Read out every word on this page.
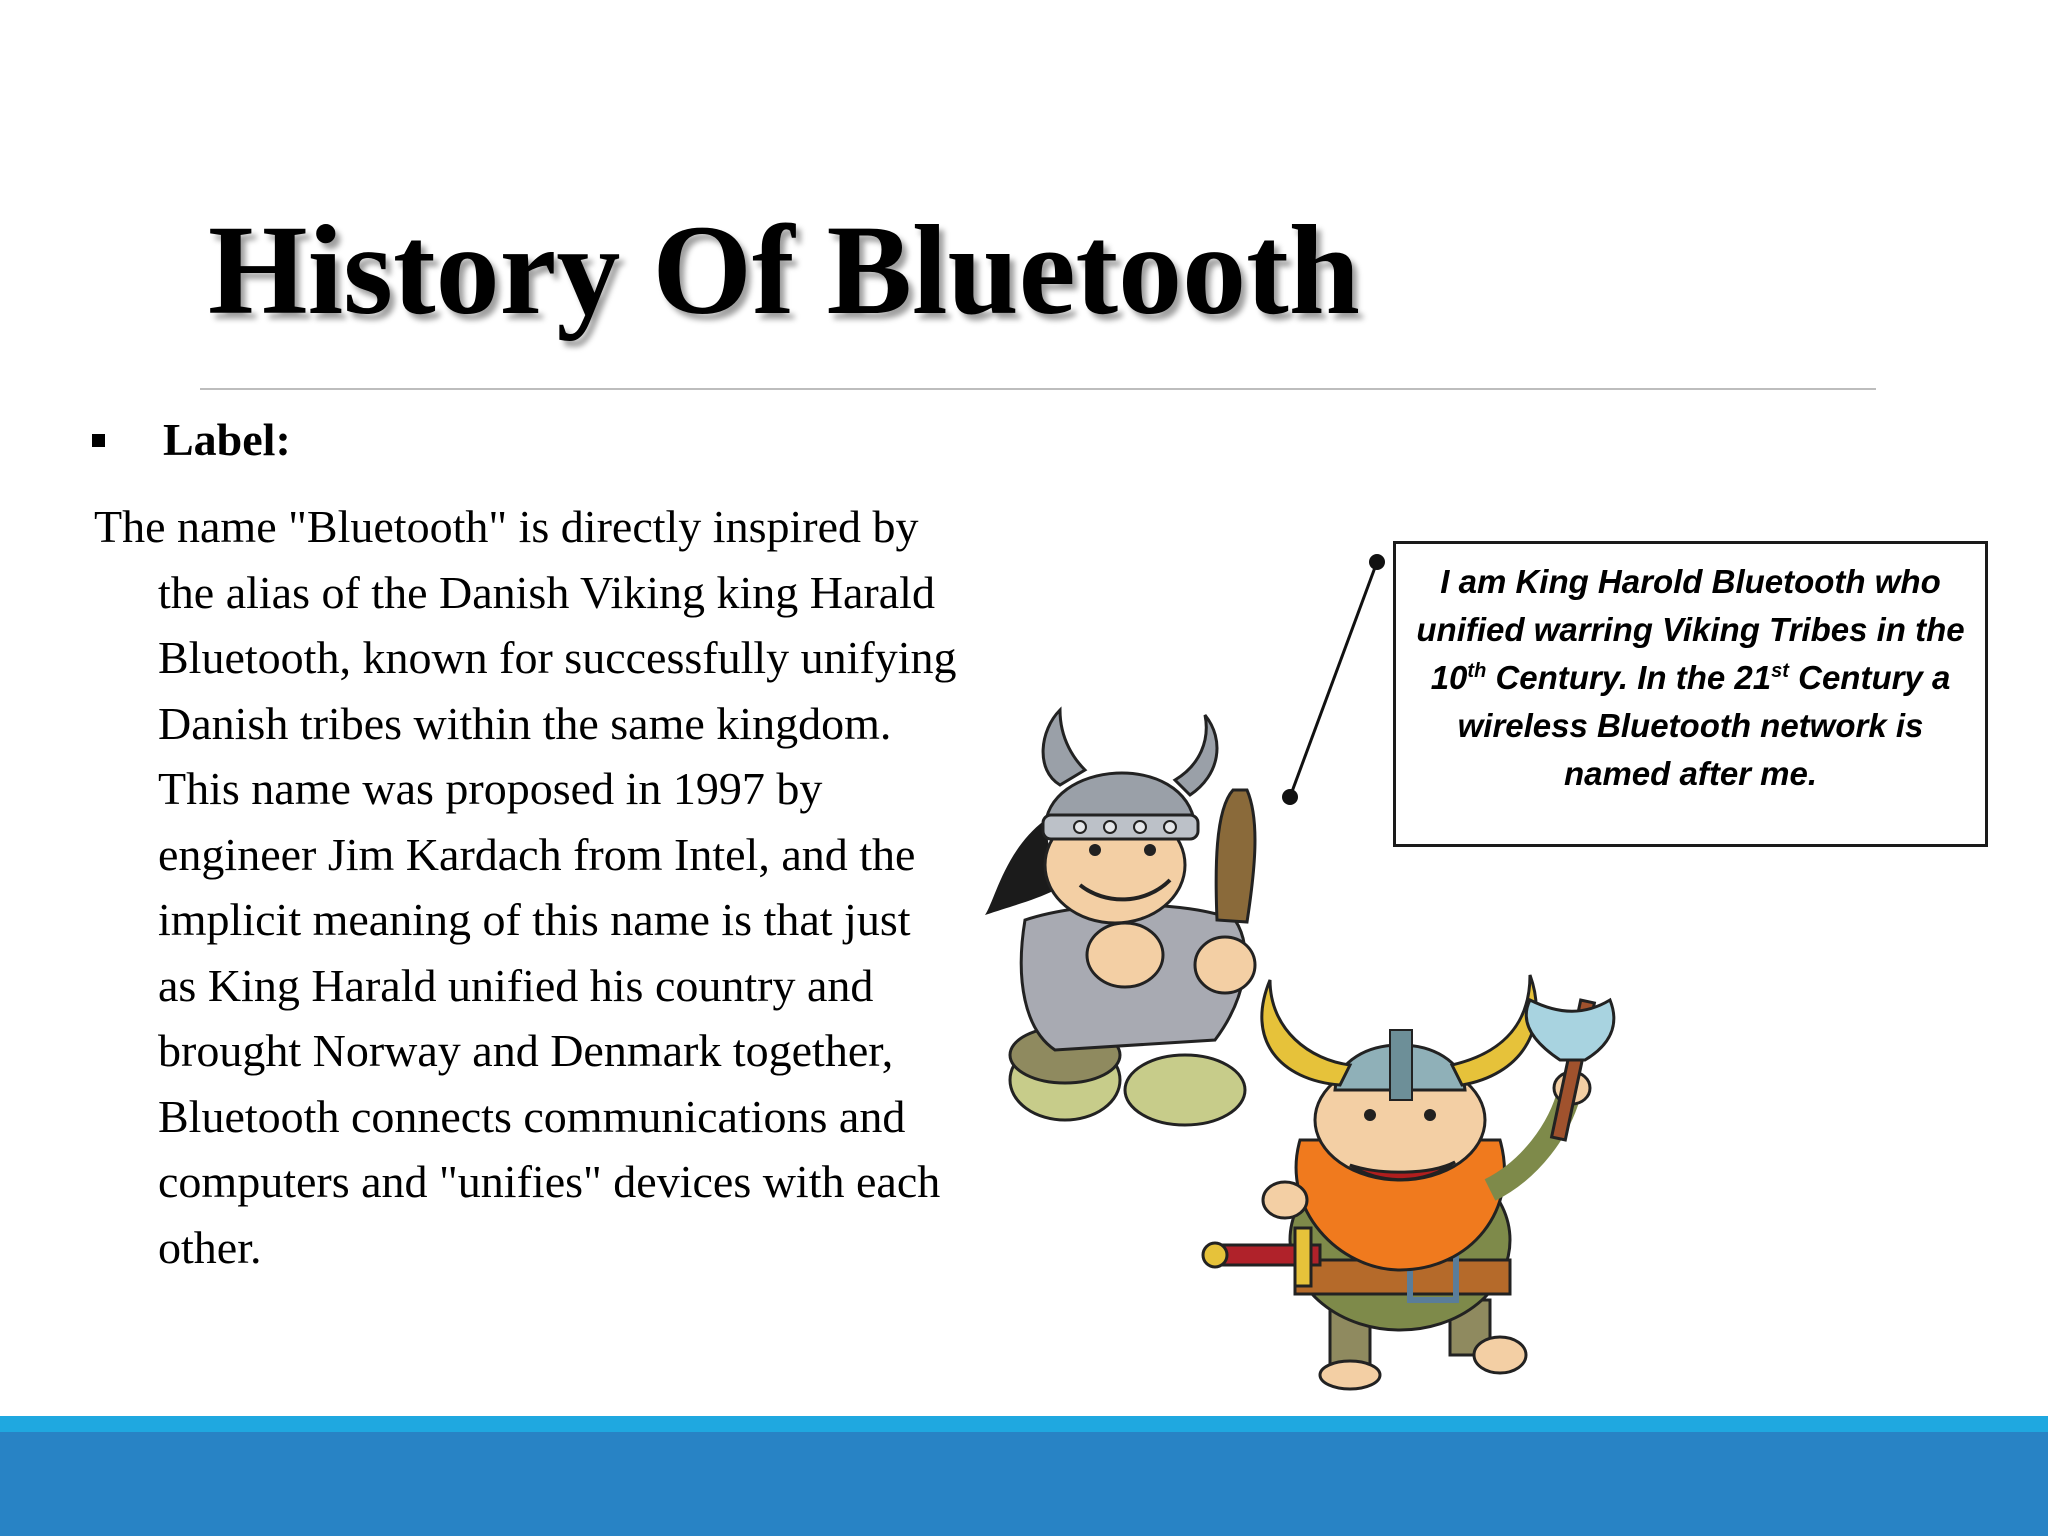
History Of Bluetooth
Label:

The name "Bluetooth" is directly inspired by the alias of the Danish Viking king Harald Bluetooth, known for successfully unifying Danish tribes within the same kingdom. This name was proposed in 1997 by engineer Jim Kardach from Intel, and the implicit meaning of this name is that just as King Harald unified his country and brought Norway and Denmark together, Bluetooth connects communications and computers and "unifies" devices with each other.

I am King Harold Bluetooth who unified warring Viking Tribes in the 10th Century. In the 21st Century a wireless Bluetooth network is named after me.
